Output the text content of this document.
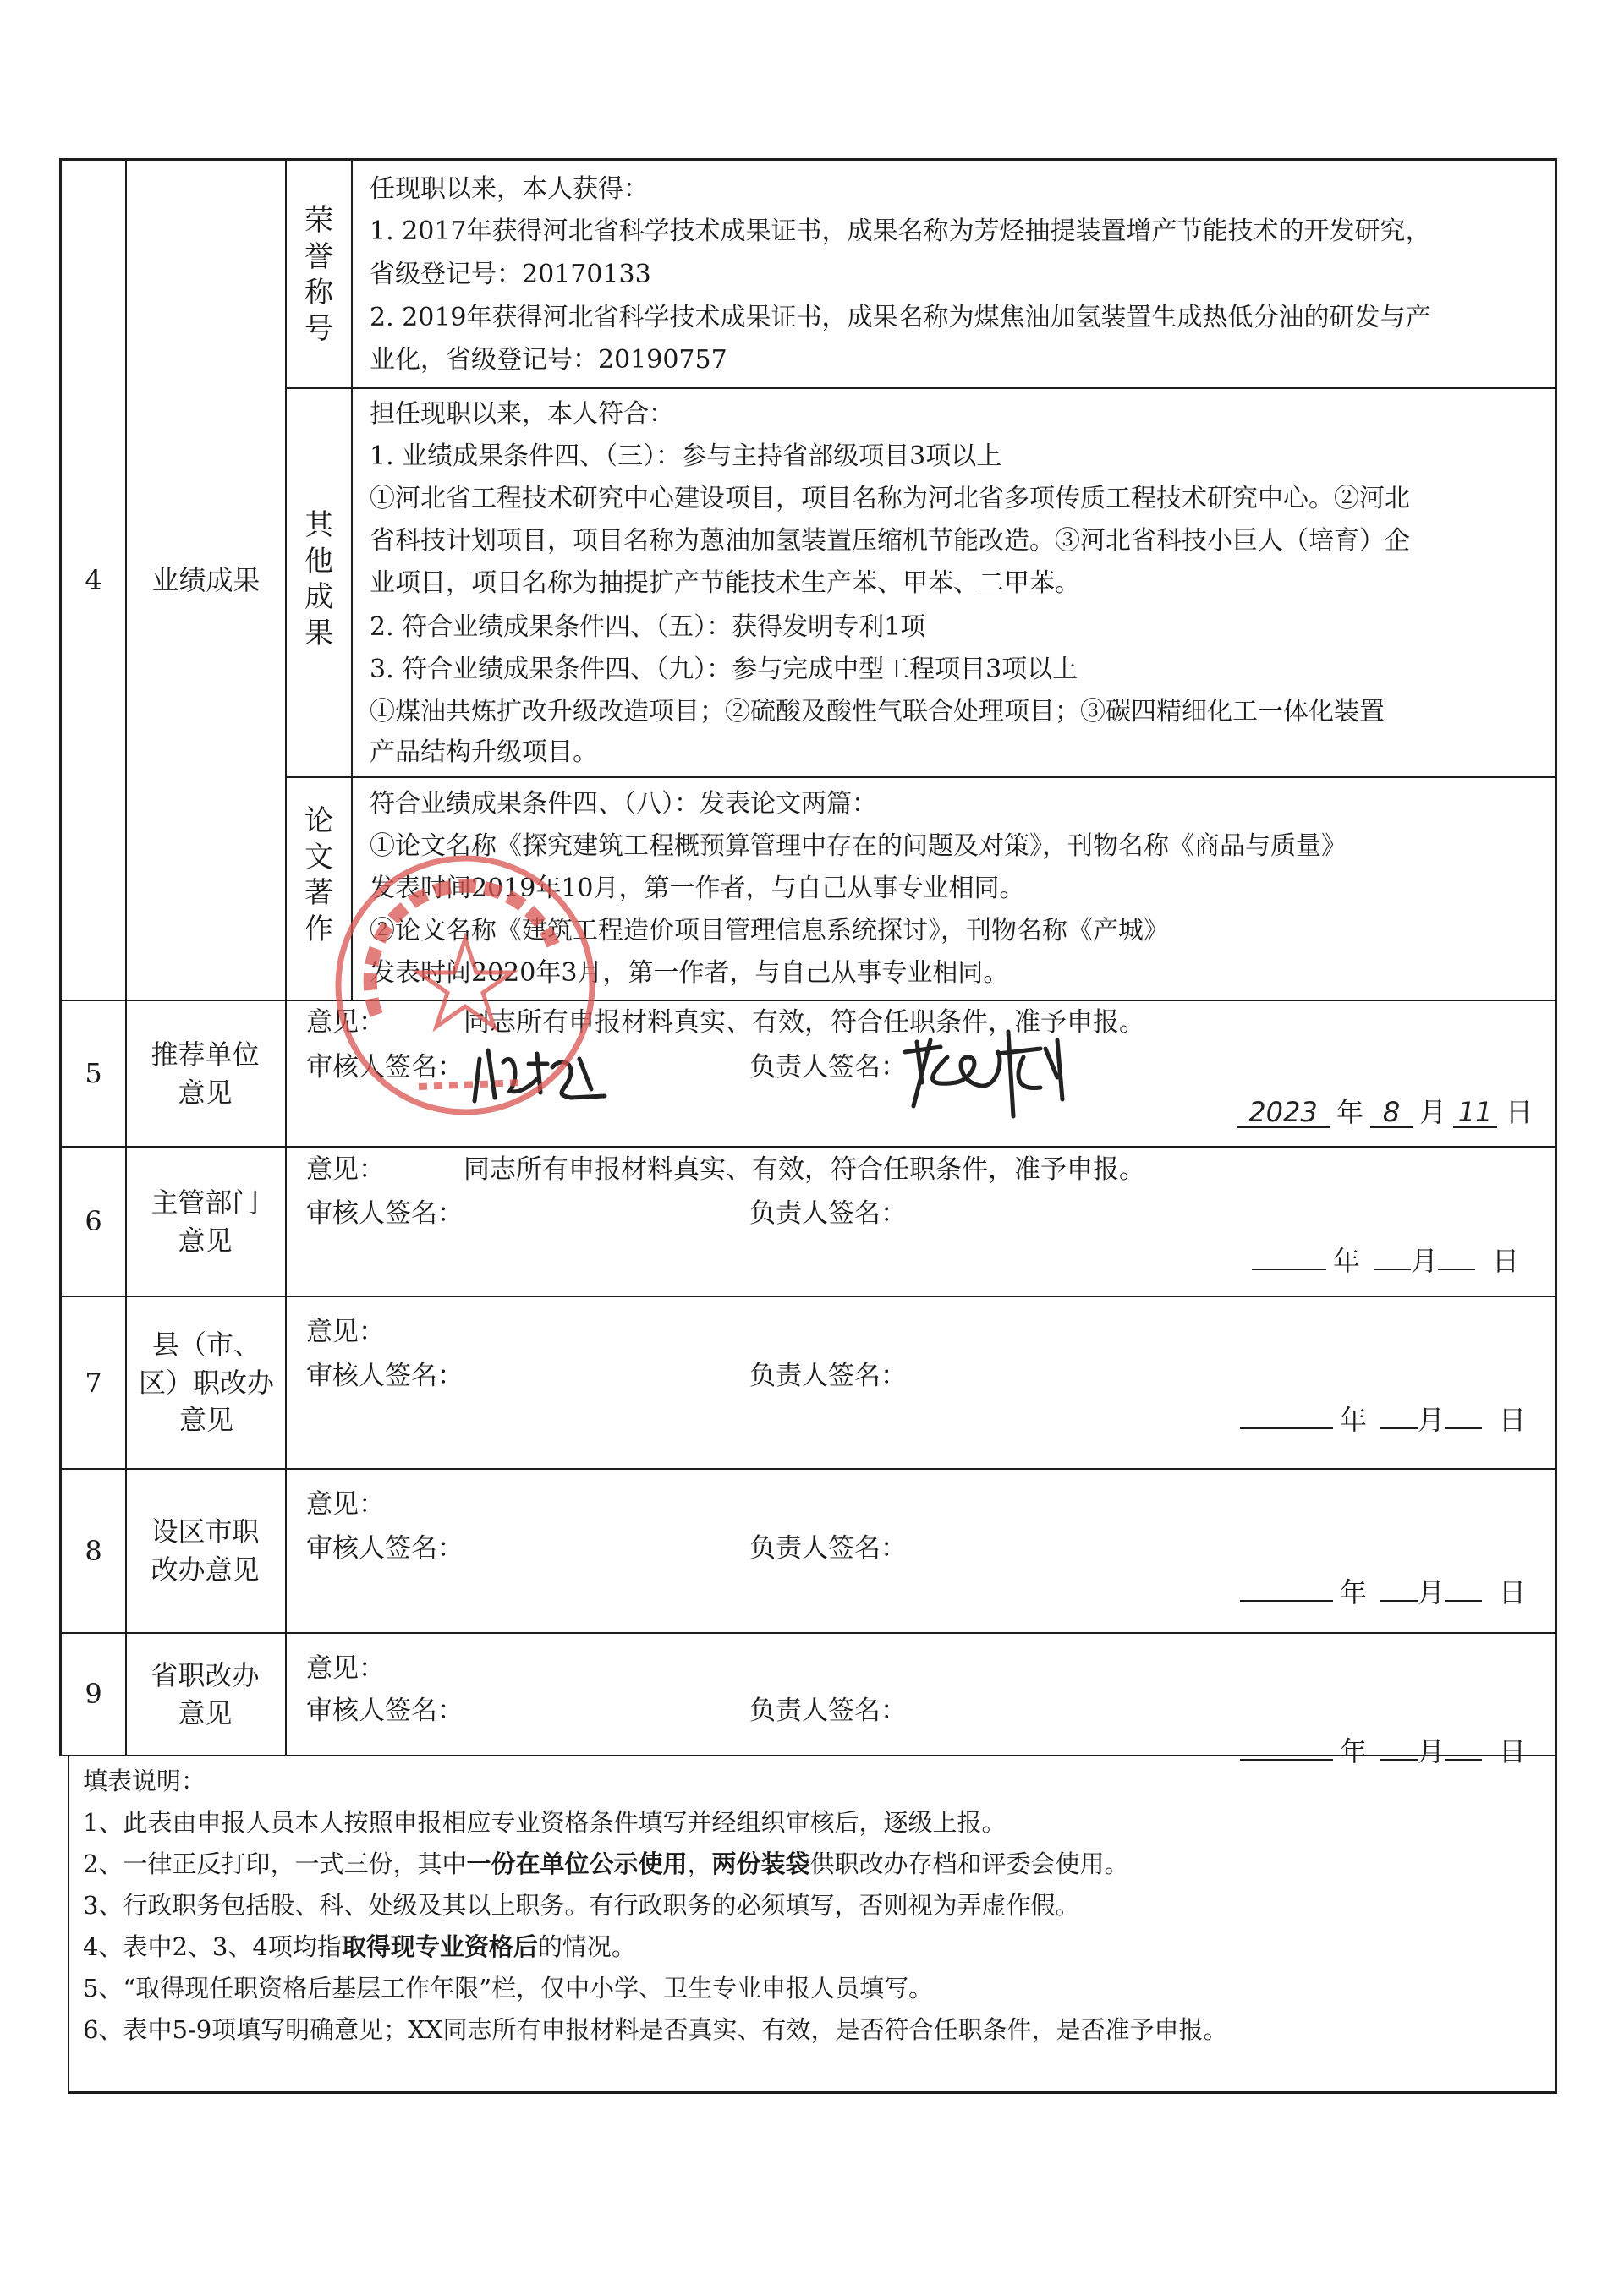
4	业绩成果
荣誉称号
任现职以来，本人获得：
1. 2017年获得河北省科学技术成果证书，成果名称为芳烃抽提装置增产节能技术的开发研究，
省级登记号：20170133
2. 2019年获得河北省科学技术成果证书，成果名称为煤焦油加氢装置生成热低分油的研发与产
业化，省级登记号：20190757
其他成果
担任现职以来，本人符合：
1. 业绩成果条件四、（三）：参与主持省部级项目3项以上
①河北省工程技术研究中心建设项目，项目名称为河北省多项传质工程技术研究中心。②河北
省科技计划项目，项目名称为蒽油加氢装置压缩机节能改造。③河北省科技小巨人（培育）企
业项目，项目名称为抽提扩产节能技术生产苯、甲苯、二甲苯。
2. 符合业绩成果条件四、（五）：获得发明专利1项
3. 符合业绩成果条件四、（九）：参与完成中型工程项目3项以上
①煤油共炼扩改升级改造项目；②硫酸及酸性气联合处理项目；③碳四精细化工一体化装置
产品结构升级项目。
论文著作
符合业绩成果条件四、（八）：发表论文两篇：
①论文名称《探究建筑工程概预算管理中存在的问题及对策》，刊物名称《商品与质量》
发表时间2019年10月，第一作者，与自己从事专业相同。
②论文名称《建筑工程造价项目管理信息系统探讨》，刊物名称《产城》
发表时间2020年3月，第一作者，与自己从事专业相同。
5
推荐单位意见
意见：	同志所有申报材料真实、有效，符合任职条件，准予申报。
审核人签名：	负责人签名：
2023 年 8 月 11 日
6
主管部门意见
意见：	同志所有申报材料真实、有效，符合任职条件，准予申报。
审核人签名：	负责人签名：
年 月 日
7
县（市、区）职改办意见
意见：
审核人签名：	负责人签名：
年 月 日
8
设区市职改办意见
意见：
审核人签名：	负责人签名：
年 月 日
9
省职改办意见
意见：
审核人签名：	负责人签名：
年 月 日
填表说明：
1、此表由申报人员本人按照申报相应专业资格条件填写并经组织审核后，逐级上报。
2、一律正反打印，一式三份，其中一份在单位公示使用，两份装袋供职改办存档和评委会使用。
3、行政职务包括股、科、处级及其以上职务。有行政职务的必须填写，否则视为弄虚作假。
4、表中2、3、4项均指取得现专业资格后的情况。
5、“取得现任职资格后基层工作年限”栏，仅中小学、卫生专业申报人员填写。
6、表中5-9项填写明确意见；XX同志所有申报材料是否真实、有效，是否符合任职条件，是否准予申报。
